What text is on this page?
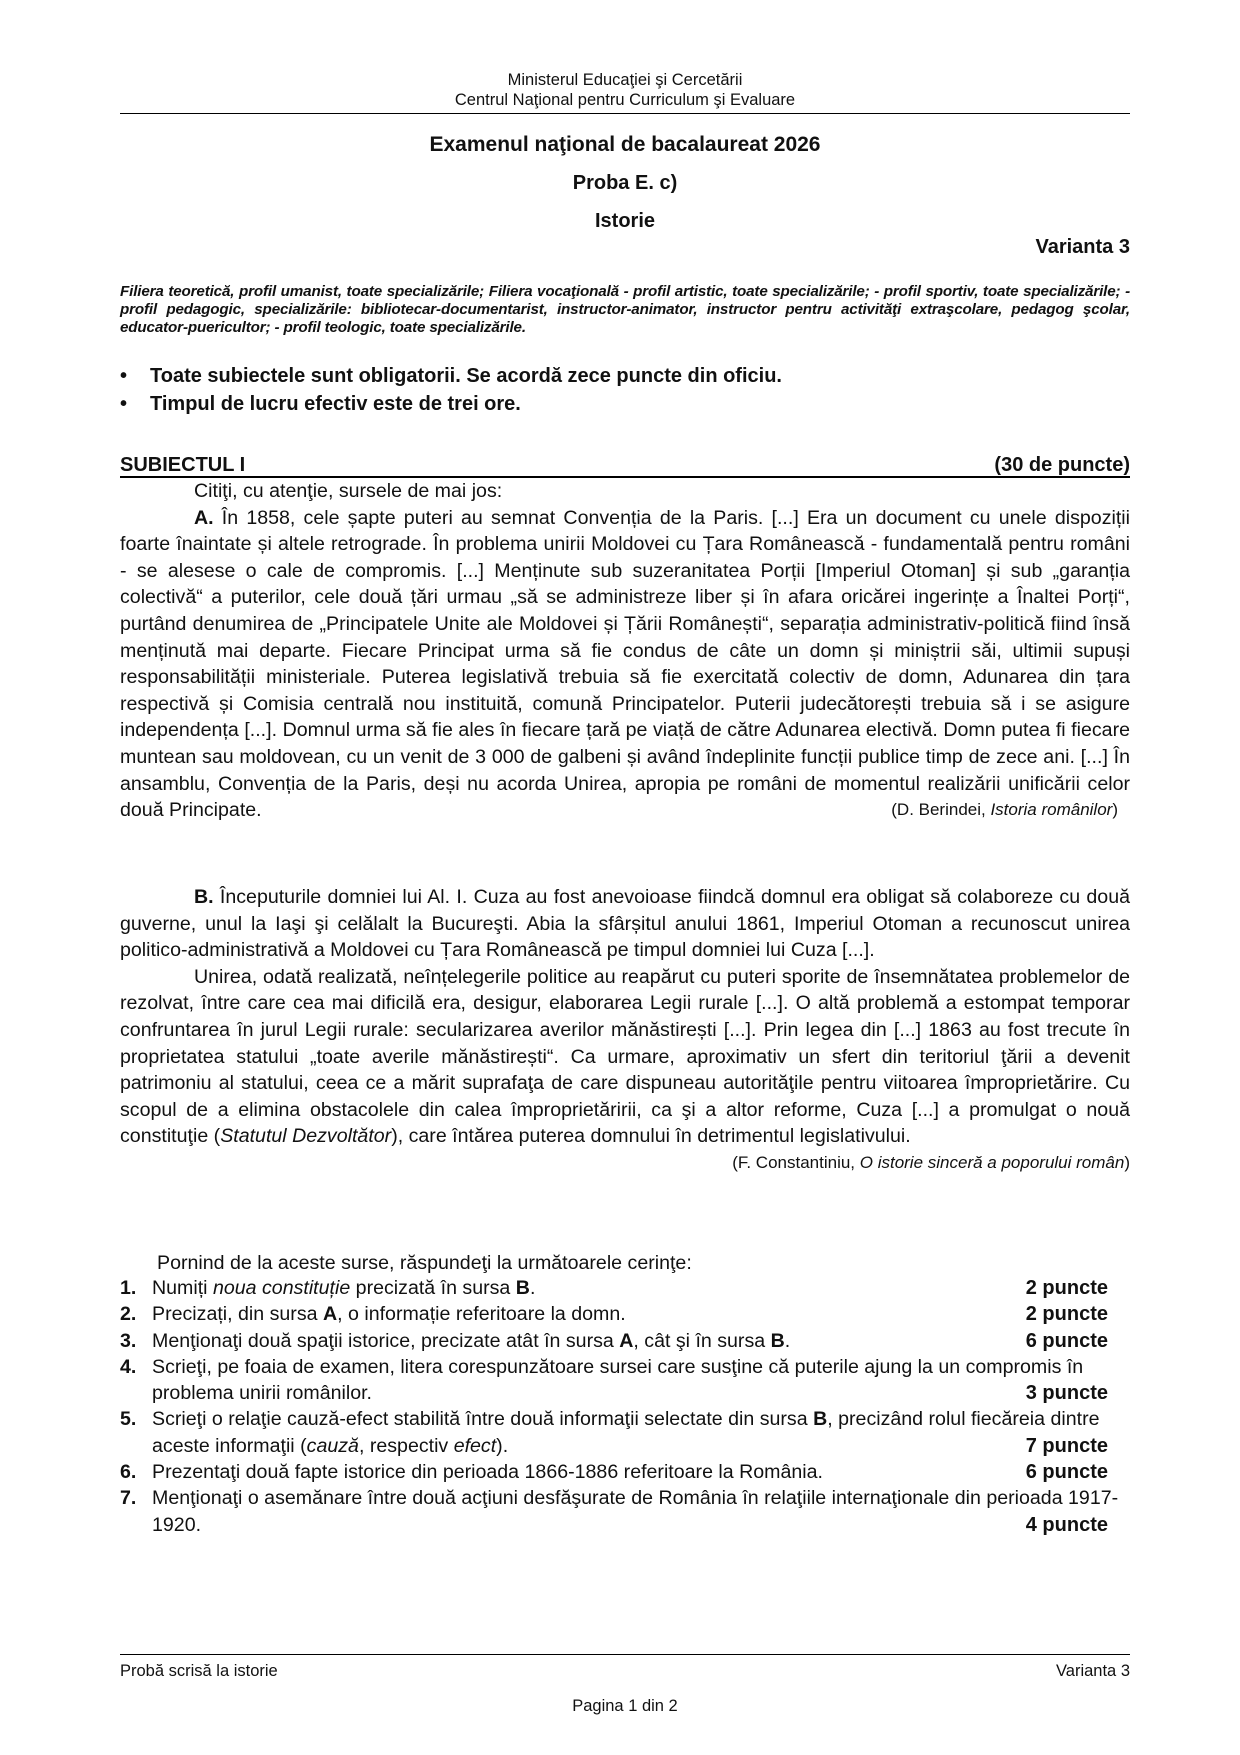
Ministerul Educaţiei şi Cercetării
Centrul Naţional pentru Curriculum şi Evaluare
Examenul naţional de bacalaureat 2026
Proba E. c)
Istorie
Varianta 3
Filiera teoretică, profil umanist, toate specializările; Filiera vocaţională - profil artistic, toate specializările; - profil sportiv, toate specializările; - profil pedagogic, specializările: bibliotecar-documentarist, instructor-animator, instructor pentru activităţi extraşcolare, pedagog şcolar, educator-puericultor; - profil teologic, toate specializările.
• Toate subiectele sunt obligatorii. Se acordă zece puncte din oficiu.
• Timpul de lucru efectiv este de trei ore.
SUBIECTUL I	(30 de puncte)
Citiţi, cu atenţie, sursele de mai jos:
A. În 1858, cele șapte puteri au semnat Convenția de la Paris. [...] Era un document cu unele dispoziții foarte înaintate și altele retrograde. În problema unirii Moldovei cu Țara Românească - fundamentală pentru români - se alesese o cale de compromis. [...] Menținute sub suzeranitatea Porții [Imperiul Otoman] și sub „garanția colectivă“ a puterilor, cele două țări urmau „să se administreze liber și în afara oricărei ingerințe a Înaltei Porți“, purtând denumirea de „Principatele Unite ale Moldovei și Țării Românești“, separația administrativ-politică fiind însă menținută mai departe. Fiecare Principat urma să fie condus de câte un domn și miniștrii săi, ultimii supuși responsabilității ministeriale. Puterea legislativă trebuia să fie exercitată colectiv de domn, Adunarea din țara respectivă și Comisia centrală nou instituită, comună Principatelor. Puterii judecătorești trebuia să i se asigure independența [...]. Domnul urma să fie ales în fiecare țară pe viață de către Adunarea electivă. Domn putea fi fiecare muntean sau moldovean, cu un venit de 3 000 de galbeni și având îndeplinite funcții publice timp de zece ani. [...] În ansamblu, Convenția de la Paris, deși nu acorda Unirea, apropia pe români de momentul realizării unificării celor două Principate.	(D. Berindei, Istoria românilor)
B. Începuturile domniei lui Al. I. Cuza au fost anevoioase fiindcă domnul era obligat să colaboreze cu două guverne, unul la Iaşi şi celălalt la Bucureşti. Abia la sfârșitul anului 1861, Imperiul Otoman a recunoscut unirea politico-administrativă a Moldovei cu Țara Românească pe timpul domniei lui Cuza [...].
Unirea, odată realizată, neînțelegerile politice au reapărut cu puteri sporite de însemnătatea problemelor de rezolvat, între care cea mai dificilă era, desigur, elaborarea Legii rurale [...]. O altă problemă a estompat temporar confruntarea în jurul Legii rurale: secularizarea averilor mănăstirești [...]. Prin legea din [...] 1863 au fost trecute în proprietatea statului „toate averile mănăstirești“. Ca urmare, aproximativ un sfert din teritoriul ţării a devenit patrimoniu al statului, ceea ce a mărit suprafaţa de care dispuneau autorităţile pentru viitoarea împroprietărire. Cu scopul de a elimina obstacolele din calea împroprietăririi, ca şi a altor reforme, Cuza [...] a promulgat o nouă constituţie (Statutul Dezvoltător), care întărea puterea domnului în detrimentul legislativului.
(F. Constantiniu, O istorie sinceră a poporului român)
Pornind de la aceste surse, răspundeţi la următoarele cerinţe:
1. Numiți noua constituție precizată în sursa B.	2 puncte
2. Precizați, din sursa A, o informație referitoare la domn.	2 puncte
3. Menţionaţi două spaţii istorice, precizate atât în sursa A, cât şi în sursa B.	6 puncte
4. Scrieţi, pe foaia de examen, litera corespunzătoare sursei care susţine că puterile ajung la un compromis în problema unirii românilor.	3 puncte
5. Scrieţi o relaţie cauză-efect stabilită între două informaţii selectate din sursa B, precizând rolul fiecăreia dintre aceste informaţii (cauză, respectiv efect).	7 puncte
6. Prezentaţi două fapte istorice din perioada 1866-1886 referitoare la România.	6 puncte
7. Menţionaţi o asemănare între două acţiuni desfăşurate de România în relaţiile internaţionale din perioada 1917-1920.	4 puncte
Probă scrisă la istorie	Varianta 3
Pagina 1 din 2
